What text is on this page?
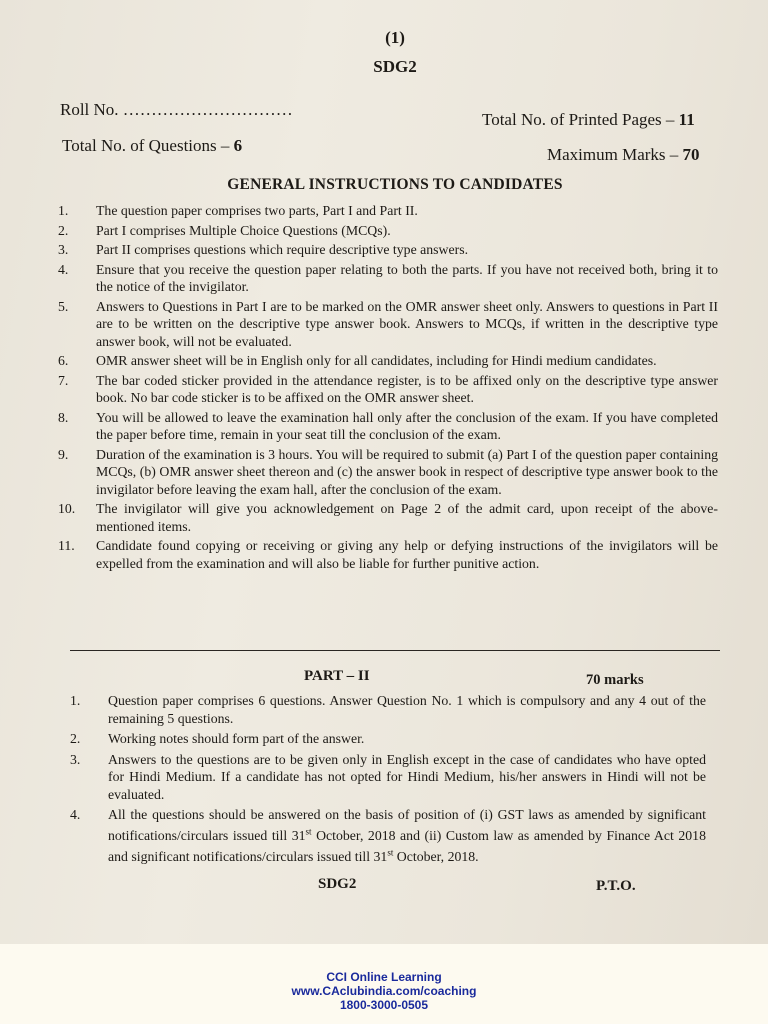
(1)
SDG2
Roll No. …………………………
Total No. of Printed Pages – 11
Total No. of Questions – 6	Maximum Marks – 70
GENERAL INSTRUCTIONS TO CANDIDATES
1.	The question paper comprises two parts, Part I and Part II.
2.	Part I comprises Multiple Choice Questions (MCQs).
3.	Part II comprises questions which require descriptive type answers.
4.	Ensure that you receive the question paper relating to both the parts. If you have not received both, bring it to the notice of the invigilator.
5.	Answers to Questions in Part I are to be marked on the OMR answer sheet only. Answers to questions in Part II are to be written on the descriptive type answer book. Answers to MCQs, if written in the descriptive type answer book, will not be evaluated.
6.	OMR answer sheet will be in English only for all candidates, including for Hindi medium candidates.
7.	The bar coded sticker provided in the attendance register, is to be affixed only on the descriptive type answer book. No bar code sticker is to be affixed on the OMR answer sheet.
8.	You will be allowed to leave the examination hall only after the conclusion of the exam. If you have completed the paper before time, remain in your seat till the conclusion of the exam.
9.	Duration of the examination is 3 hours. You will be required to submit (a) Part I of the question paper containing MCQs, (b) OMR answer sheet thereon and (c) the answer book in respect of descriptive type answer book to the invigilator before leaving the exam hall, after the conclusion of the exam.
10.	The invigilator will give you acknowledgement on Page 2 of the admit card, upon receipt of the above-mentioned items.
11.	Candidate found copying or receiving or giving any help or defying instructions of the invigilators will be expelled from the examination and will also be liable for further punitive action.
PART – II	70 marks
1.	Question paper comprises 6 questions. Answer Question No. 1 which is compulsory and any 4 out of the remaining 5 questions.
2.	Working notes should form part of the answer.
3.	Answers to the questions are to be given only in English except in the case of candidates who have opted for Hindi Medium. If a candidate has not opted for Hindi Medium, his/her answers in Hindi will not be evaluated.
4.	All the questions should be answered on the basis of position of (i) GST laws as amended by significant notifications/circulars issued till 31st October, 2018 and (ii) Custom law as amended by Finance Act 2018 and significant notifications/circulars issued till 31st October, 2018.
SDG2	P.T.O.
CCI Online Learning
www.CAclubindia.com/coaching
1800-3000-0505
